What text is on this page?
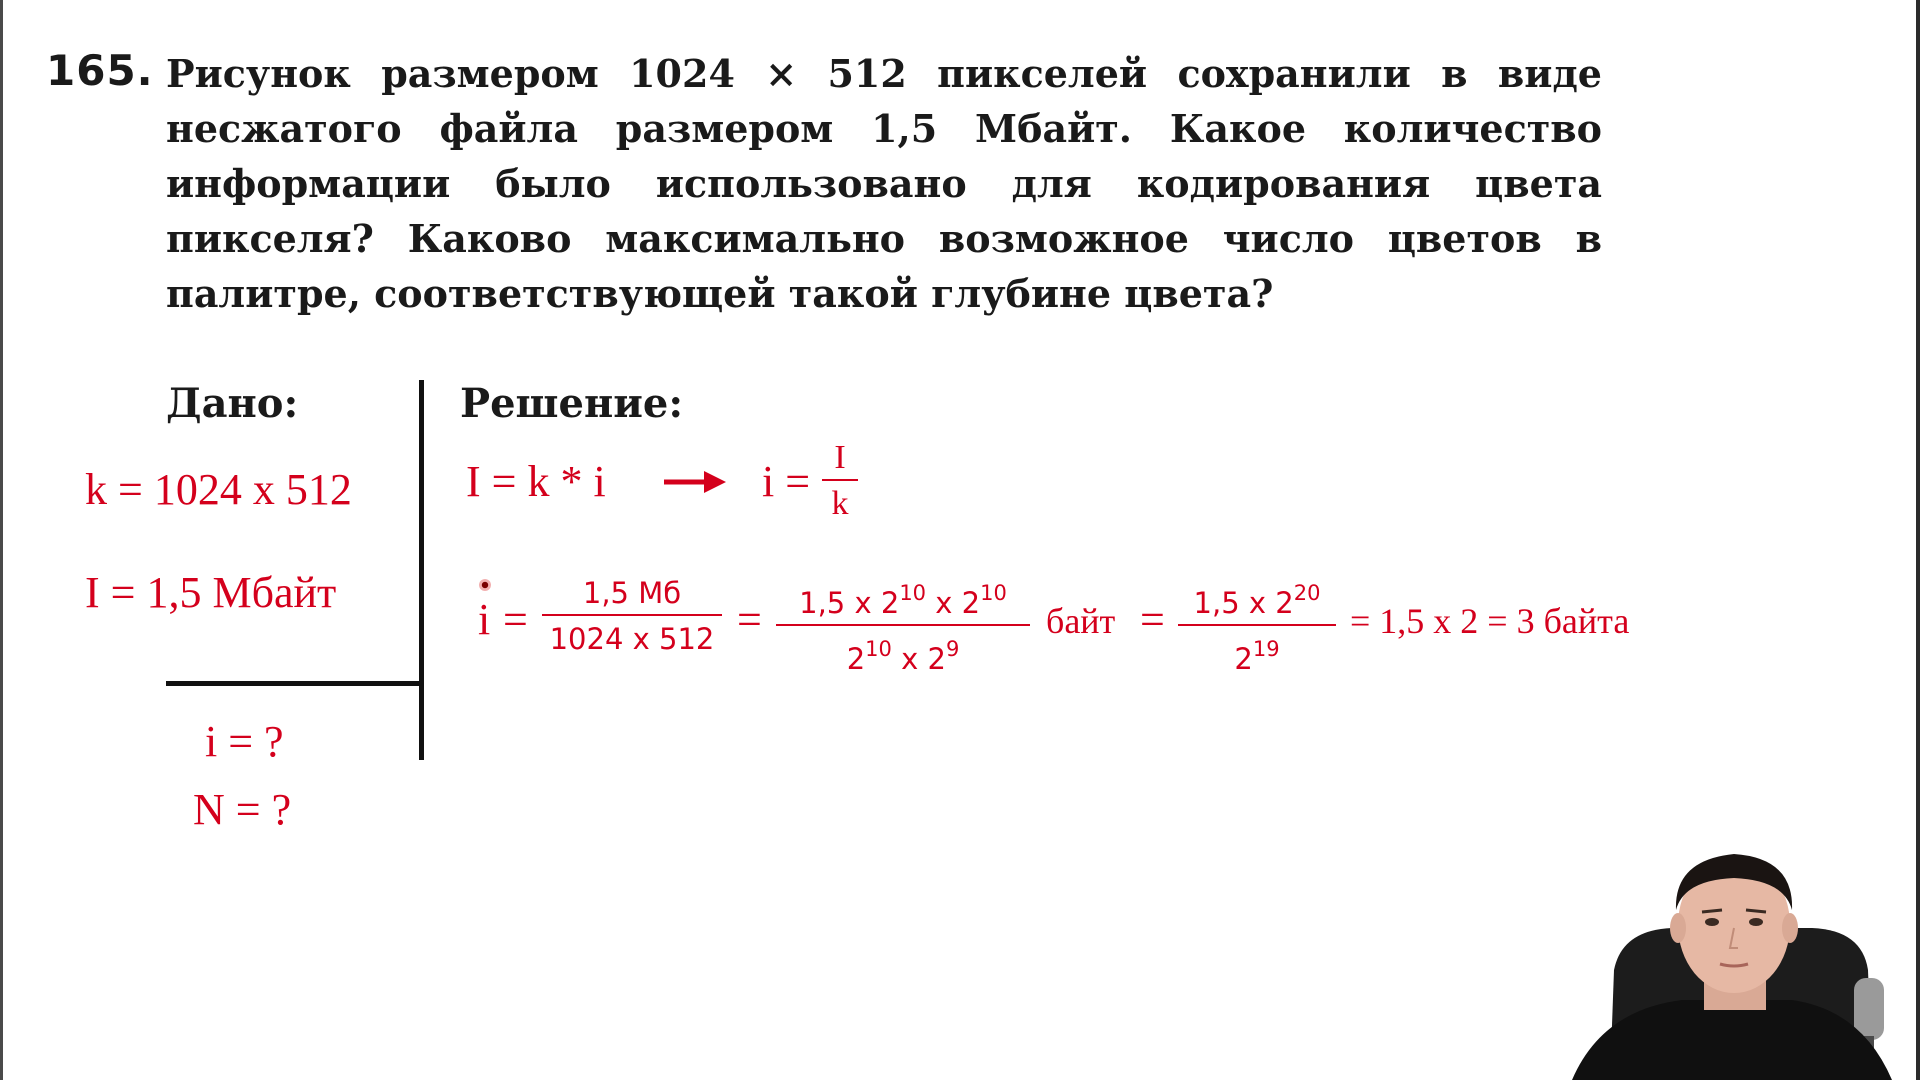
165. Рисунок размером 1024 × 512 пикселей сохранили в виде
несжатого файла размером 1,5 Мбайт. Какое количество
информации было использовано для кодирования цвета
пикселя? Каково максимально возможное число цветов в
палитре, соответствующей такой глубине цвета?
Дано:	Решение:
k = 1024 x 512
I = 1,5 Мбайт
i = ?
N = ?
I = k * i	i = I
k
i =
1,5 Мб
1024 x 512 =	1,5 x $2^{10}$ x $2^{10}$
$2^{10}$ x $2^9$
байт = 1,5 x $2^{20}$
$2^{19}$
= 1,5 x 2 = 3 байта
